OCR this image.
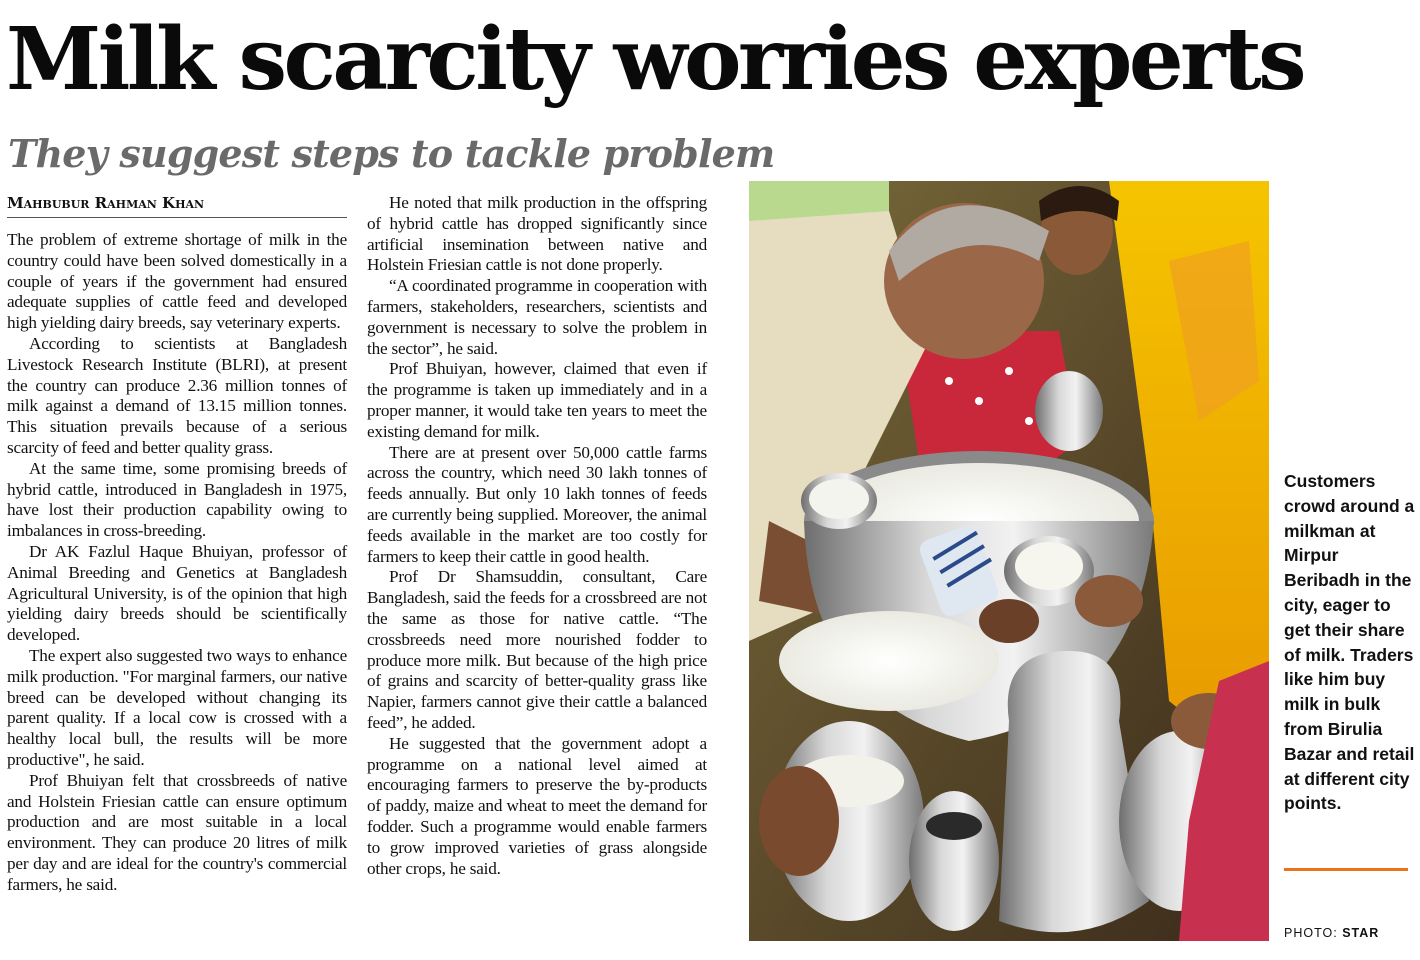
Milk scarcity worries experts
They suggest steps to tackle problem
Mahbubur Rahman Khan

The problem of extreme shortage of milk in the country could have been solved domestically in a couple of years if the government had ensured adequate supplies of cattle feed and developed high yielding dairy breeds, say veterinary experts.

According to scientists at Bangladesh Livestock Research Institute (BLRI), at present the country can produce 2.36 million tonnes of milk against a demand of 13.15 million tonnes. This situation prevails because of a serious scarcity of feed and better quality grass.

At the same time, some promising breeds of hybrid cattle, introduced in Bangladesh in 1975, have lost their production capability owing to imbalances in cross-breeding.

Dr AK Fazlul Haque Bhuiyan, professor of Animal Breeding and Genetics at Bangladesh Agricultural University, is of the opinion that high yielding dairy breeds should be scientifically developed.

The expert also suggested two ways to enhance milk production. "For marginal farmers, our native breed can be developed without changing its parent quality. If a local cow is crossed with a healthy local bull, the results will be more productive", he said.

Prof Bhuiyan felt that crossbreeds of native and Holstein Friesian cattle can ensure optimum production and are most suitable in a local environment. They can produce 20 litres of milk per day and are ideal for the country's commercial farmers, he said.

He noted that milk production in the offspring of hybrid cattle has dropped significantly since artificial insemination between native and Holstein Friesian cattle is not done properly.

“A coordinated programme in cooperation with farmers, stakeholders, researchers, scientists and government is necessary to solve the problem in the sector”, he said.

Prof Bhuiyan, however, claimed that even if the programme is taken up immediately and in a proper manner, it would take ten years to meet the existing demand for milk.

There are at present over 50,000 cattle farms across the country, which need 30 lakh tonnes of feeds annually. But only 10 lakh tonnes of feeds are currently being supplied. Moreover, the animal feeds available in the market are too costly for farmers to keep their cattle in good health.

Prof Dr Shamsuddin, consultant, Care Bangladesh, said the feeds for a crossbreed are not the same as those for native cattle. “The crossbreeds need more nourished fodder to produce more milk. But because of the high price of grains and scarcity of better-quality grass like Napier, farmers cannot give their cattle a balanced feed”, he added.

He suggested that the government adopt a programme on a national level aimed at encouraging farmers to preserve the by-products of paddy, maize and wheat to meet the demand for fodder. Such a programme would enable farmers to grow improved varieties of grass alongside other crops, he said.

Customers crowd around a milkman at Mirpur Beribadh in the city, eager to get their share of milk. Traders like him buy milk in bulk from Birulia Bazar and retail at different city points.
PHOTO: STAR
